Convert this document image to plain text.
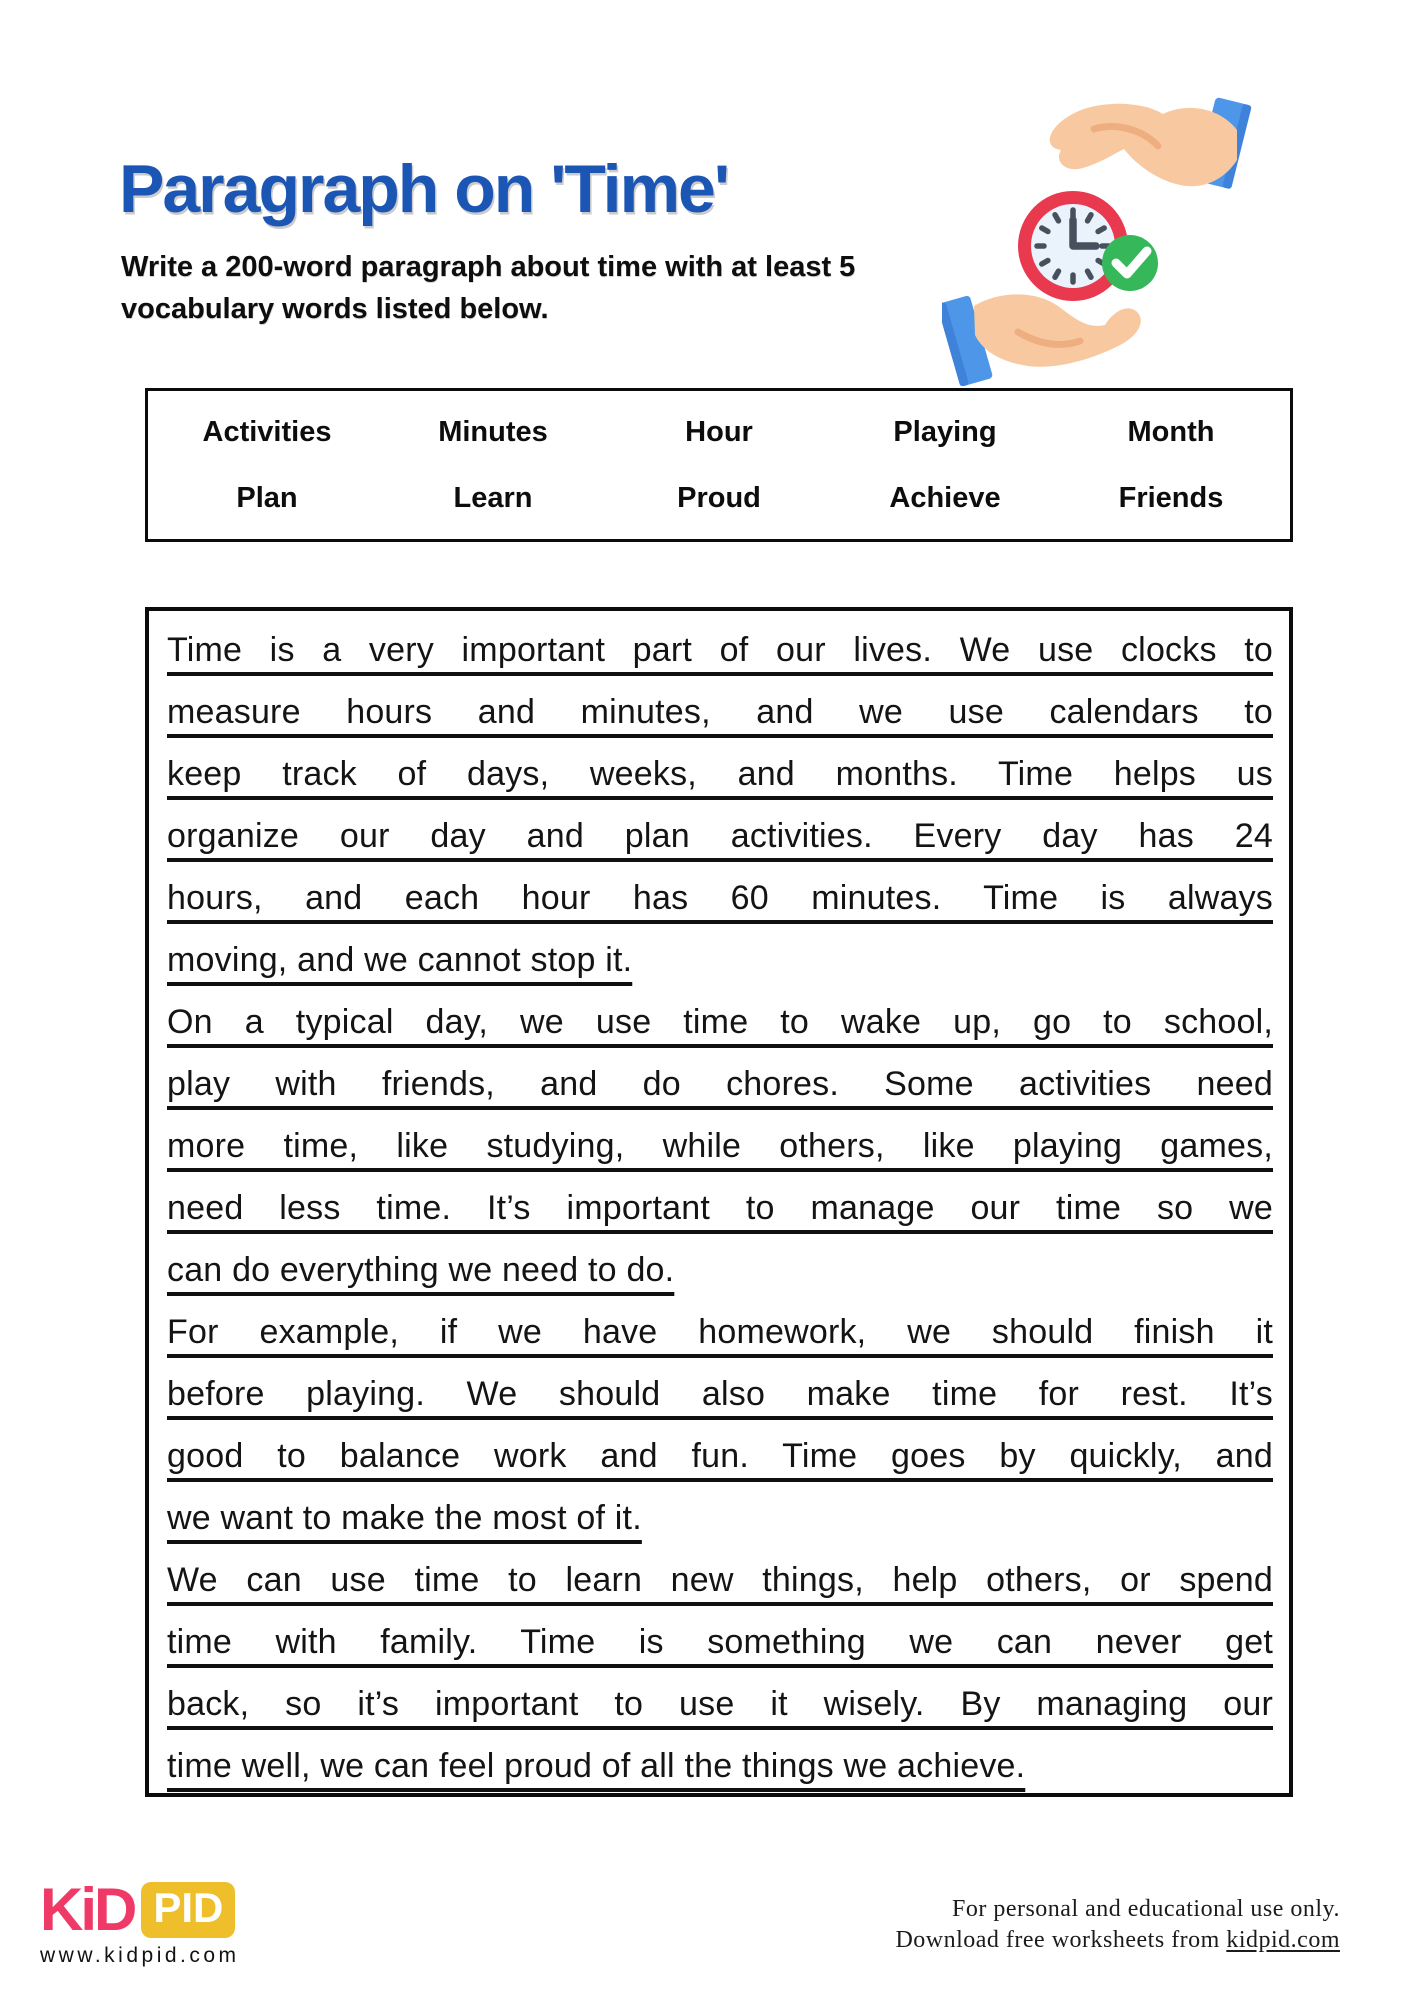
Paragraph on 'Time'
Write a 200-word paragraph about time with at least 5
vocabulary words listed below.
Activities	Minutes	Hour	Playing	Month
Plan	Learn	Proud	Achieve	Friends
Time is a very important part of our lives. We use clocks to
measure hours and minutes, and we use calendars to
keep track of days, weeks, and months. Time helps us
organize our day and plan activities. Every day has 24
hours, and each hour has 60 minutes. Time is always
moving, and we cannot stop it.
On a typical day, we use time to wake up, go to school,
play with friends, and do chores. Some activities need
more time, like studying, while others, like playing games,
need less time. It’s important to manage our time so we
can do everything we need to do.
For example, if we have homework, we should finish it
before playing. We should also make time for rest. It’s
good to balance work and fun. Time goes by quickly, and
we want to make the most of it.
We can use time to learn new things, help others, or spend
time with family. Time is something we can never get
back, so it’s important to use it wisely. By managing our
time well, we can feel proud of all the things we achieve.
KiD PID
www.kidpid.com
For personal and educational use only.
Download free worksheets from kidpid.com
